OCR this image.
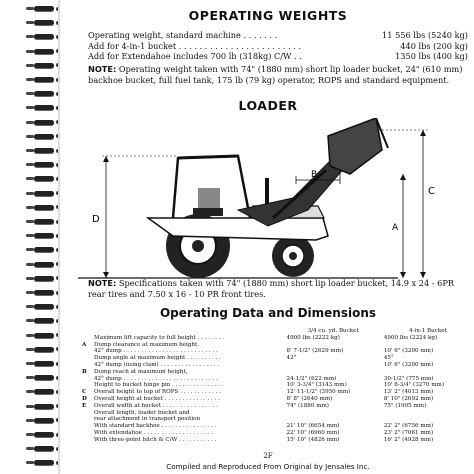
OPERATING WEIGHTS
Operating weight, standard machine . . . . . . .	11 556 lbs (5240 kg)
Add for 4-in-1 bucket . . . . . . . . . . . . . . . . . . . . . . . .	440 lbs (200 kg)
Add for Extendahoe includes 700 lb (318kg) C/W . .	1350 lbs (400 kg)
NOTE: Operating weight taken with 74" (1880 mm) short lip loader bucket, 24" (610 mm) backhoe bucket, full fuel tank, 175 lb (79 kg) operator, ROPS and standard equipment.
LOADER
A
C
D
B
NOTE: Specifications taken with 74" (1880 mm) short lip loader bucket, 14.9 x 24 - 6PR rear tires and 7.50 x 16 - 10 PR front tires.
Operating Data and Dimensions
		3/4 cu. yd. Bucket	4-in-1 Bucket
	Maximum lift capacity to full height . . . . . . . .	4900 lbs (2222 kg)	4900 lbs (2224 kg)
A	Dump clearance at maximum height,		
	42° dump . . . . . . . . . . . . . . . . . . . . . . . . . . .	8' 7-1/2" (2629 mm)	10' 6" (3200 mm)
	Dump angle at maximum height . . . . . . . . . .	42°	45°
	42° dump (using clam) . . . . . . . . . . . . . . . . .		10' 6" (3200 mm)
B	Dump reach at maximum height,		
	42° dump . . . . . . . . . . . . . . . . . . . . . . . . . . .	24-1/2" (622 mm)	30-1/2" (775 mm)
	Height to bucket hinge pin . . . . . . . . . . . . . . .	10' 3-3/4" (3143 mm)	10' 8-3/4" (3270 mm)
C	Overall height to top of ROPS . . . . . . . . . . . .	12' 11-1/2" (3950 mm)	13' 2" (4013 mm)
D	Overall height at bucket . . . . . . . . . . . . . . . .	8' 8" (2640 mm)	8' 10" (2692 mm)
E	Overall width at bucket . . . . . . . . . . . . . . . .	74" (1880 mm)	75" (1905 mm)
	Overall length, loader bucket and		
	rear attachment in transport position		
	With standard backhoe . . . . . . . . . . . . . . . .	21' 10" (6654 mm)	22' 2" (6756 mm)
	With extendahoe . . . . . . . . . . . . . . . . . . . .	22' 10" (6960 mm)	23' 2" (7061 mm)
	With three-point hitch & C/W . . . . . . . . . . .	15' 10" (4826 mm)	16' 2" (4928 mm)
2F
Compiled and Reproduced From Original by Jensales Inc.
